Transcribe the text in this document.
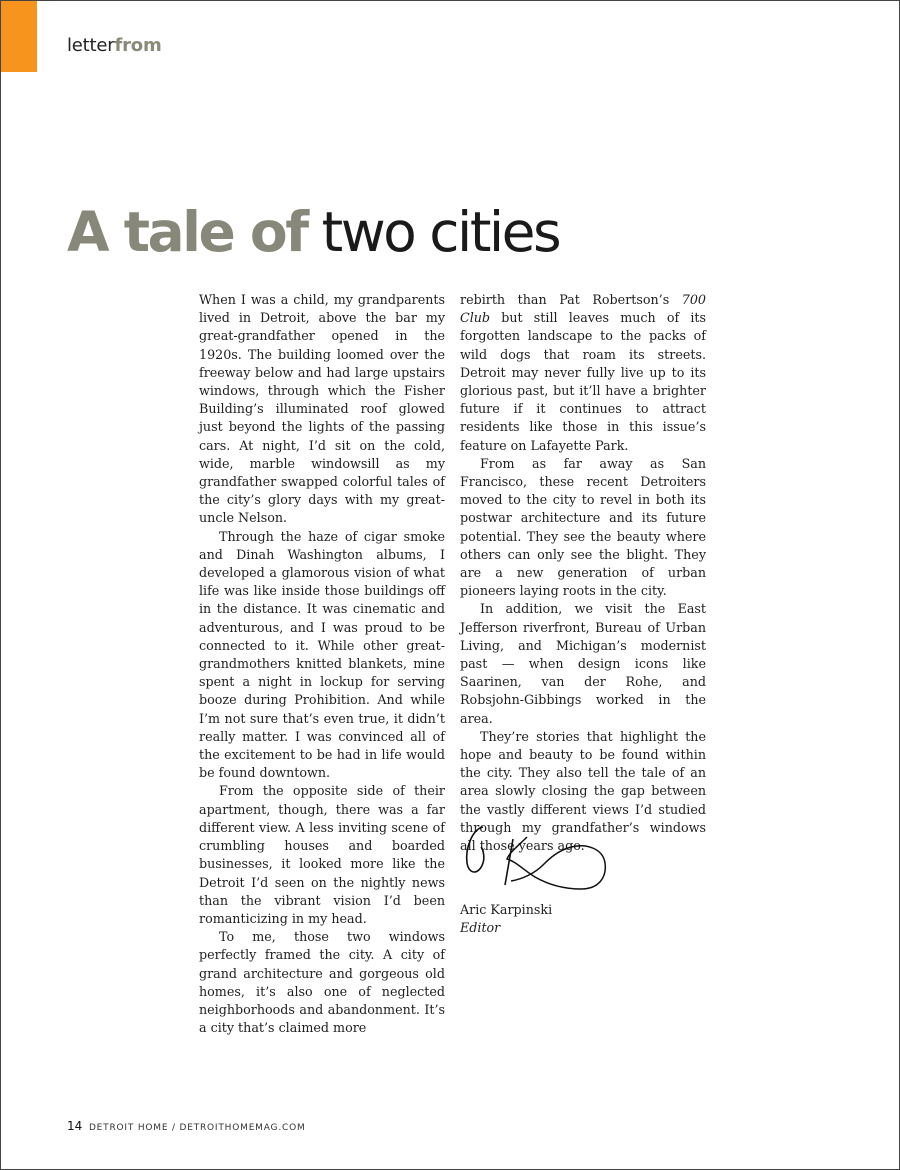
letterfrom
A tale of two cities

When I was a child, my grandparents lived in Detroit, above the bar my great-grandfather opened in the 1920s. The building loomed over the freeway below and had large upstairs windows, through which the Fisher Building’s illuminated roof glowed just beyond the lights of the passing cars. At night, I’d sit on the cold, wide, marble windowsill as my grandfather swapped colorful tales of the city’s glory days with my great-uncle Nelson.

Through the haze of cigar smoke and Dinah Washington albums, I developed a glamorous vision of what life was like inside those buildings off in the distance. It was cinematic and adventurous, and I was proud to be connected to it. While other great-grandmothers knitted blankets, mine spent a night in lockup for serving booze during Prohibition. And while I’m not sure that’s even true, it didn’t really matter. I was convinced all of the excitement to be had in life would be found downtown.

From the opposite side of their apartment, though, there was a far different view. A less inviting scene of crumbling houses and boarded businesses, it looked more like the Detroit I’d seen on the nightly news than the vibrant vision I’d been romanticizing in my head.

To me, those two windows perfectly framed the city. A city of grand architecture and gorgeous old homes, it’s also one of neglected neighborhoods and abandonment. It’s a city that’s claimed more

rebirth than Pat Robertson’s 700 Club but still leaves much of its forgotten landscape to the packs of wild dogs that roam its streets. Detroit may never fully live up to its glorious past, but it’ll have a brighter future if it continues to attract residents like those in this issue’s feature on Lafayette Park.

From as far away as San Francisco, these recent Detroiters moved to the city to revel in both its postwar architecture and its future potential. They see the beauty where others can only see the blight. They are a new generation of urban pioneers laying roots in the city.

In addition, we visit the East Jefferson riverfront, Bureau of Urban Living, and Michigan’s modernist past — when design icons like Saarinen, van der Rohe, and Robsjohn-Gibbings worked in the area.

They’re stories that highlight the hope and beauty to be found within the city. They also tell the tale of an area slowly closing the gap between the vastly different views I’d studied through my grandfather’s windows all those years ago.

Aric Karpinski
Editor
14 DETROIT HOME / DETROITHOMEMAG.COM
